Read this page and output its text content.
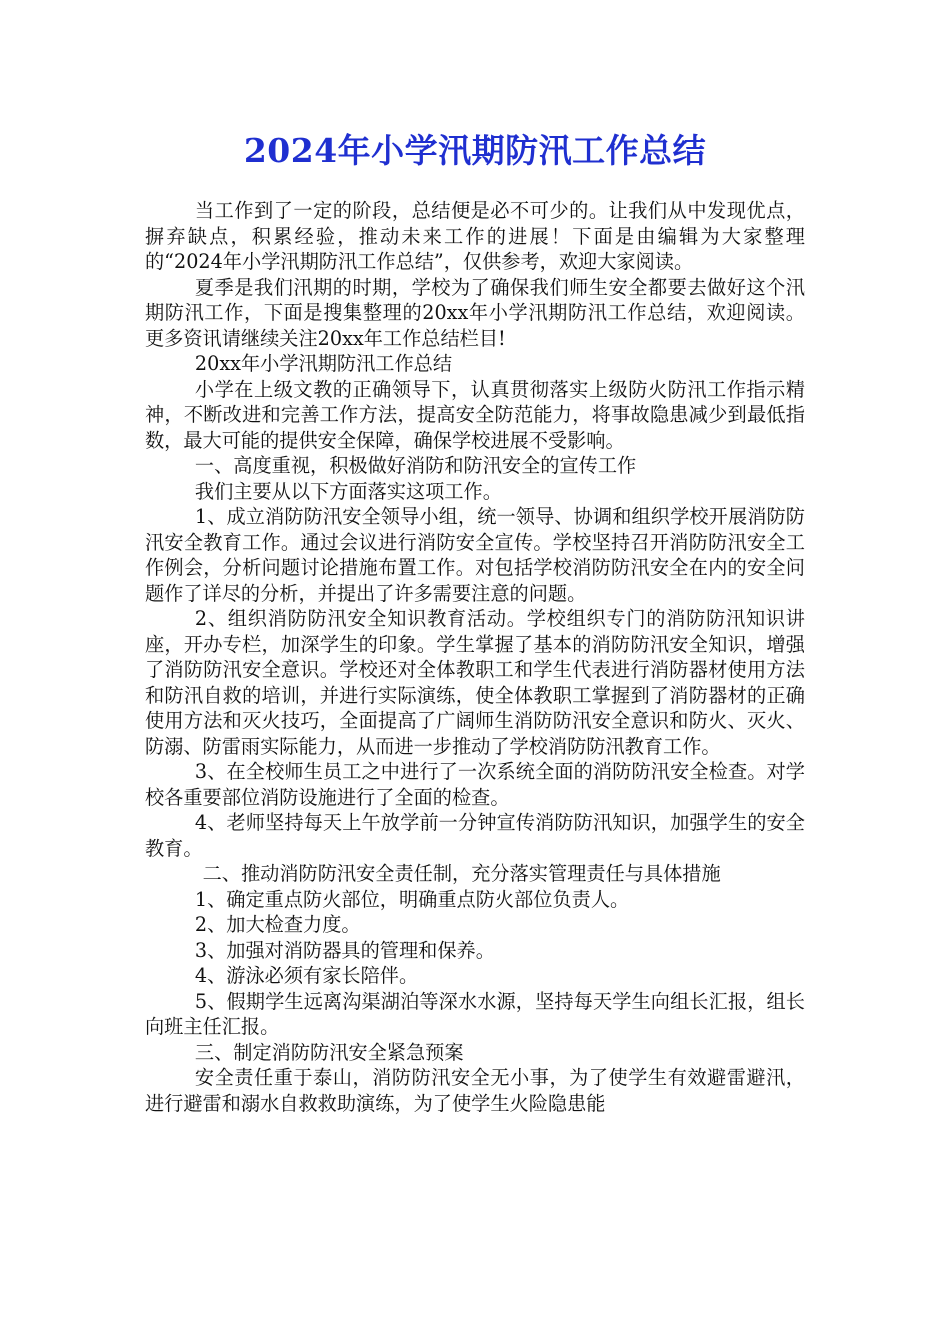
2024年小学汛期防汛工作总结

当工作到了一定的阶段，总结便是必不可少的。让我们从中发现优点，摒弃缺点，积累经验，推动未来工作的进展！下面是由编辑为大家整理的“2024年小学汛期防汛工作总结”，仅供参考，欢迎大家阅读。

夏季是我们汛期的时期，学校为了确保我们师生安全都要去做好这个汛期防汛工作，下面是搜集整理的20xx年小学汛期防汛工作总结，欢迎阅读。更多资讯请继续关注20xx年工作总结栏目!

20xx年小学汛期防汛工作总结

小学在上级文教的正确领导下，认真贯彻落实上级防火防汛工作指示精神，不断改进和完善工作方法，提高安全防范能力，将事故隐患减少到最低指数，最大可能的提供安全保障，确保学校进展不受影响。

一、高度重视，积极做好消防和防汛安全的宣传工作

我们主要从以下方面落实这项工作。

1、成立消防防汛安全领导小组，统一领导、协调和组织学校开展消防防汛安全教育工作。通过会议进行消防安全宣传。学校坚持召开消防防汛安全工作例会，分析问题讨论措施布置工作。对包括学校消防防汛安全在内的安全问题作了详尽的分析，并提出了许多需要注意的问题。

2、组织消防防汛安全知识教育活动。学校组织专门的消防防汛知识讲座，开办专栏，加深学生的印象。学生掌握了基本的消防防汛安全知识，增强了消防防汛安全意识。学校还对全体教职工和学生代表进行消防器材使用方法和防汛自救的培训，并进行实际演练，使全体教职工掌握到了消防器材的正确使用方法和灭火技巧，全面提高了广阔师生消防防汛安全意识和防火、灭火、防溺、防雷雨实际能力，从而进一步推动了学校消防防汛教育工作。

3、在全校师生员工之中进行了一次系统全面的消防防汛安全检查。对学校各重要部位消防设施进行了全面的检查。

4、老师坚持每天上午放学前一分钟宣传消防防汛知识，加强学生的安全教育。

二、推动消防防汛安全责任制，充分落实管理责任与具体措施

1、确定重点防火部位，明确重点防火部位负责人。

2、加大检查力度。

3、加强对消防器具的管理和保养。

4、游泳必须有家长陪伴。

5、假期学生远离沟渠湖泊等深水水源，坚持每天学生向组长汇报，组长向班主任汇报。

三、制定消防防汛安全紧急预案

安全责任重于泰山，消防防汛安全无小事，为了使学生有效避雷避汛，进行避雷和溺水自救救助演练，为了使学生火险隐患能
